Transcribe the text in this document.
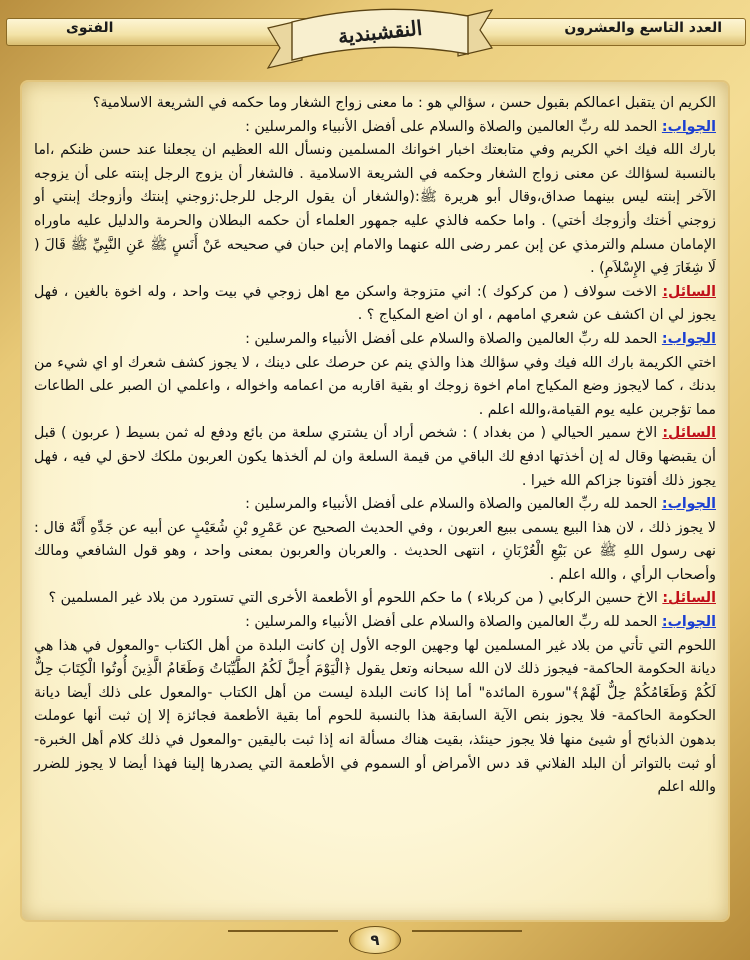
العدد التاسع والعشرون
الفتوى	النقشبندية

الكريم ان يتقبل اعمالكم بقبول حسن ، سؤالي هو : ما معنى زواج الشغار وما حكمه في الشريعة الاسلامية؟

الجواب: الحمد لله ربِّ العالمين والصلاة والسلام على أفضل الأنبياء والمرسلين :

بارك الله فيك اخي الكريم وفي متابعتك اخبار اخوانك المسلمين ونسأل الله العظيم ان يجعلنا عند حسن ظنكم ،اما بالنسبة لسؤالك عن معنى زواج الشغار وحكمه في الشريعة الاسلامية . فالشغار أن يزوج الرجل إبنته على أن يزوجه الآخر إبنته ليس بينهما صداق،وقال أبو هريرة ﷺ:(والشغار أن يقول الرجل للرجل:زوجني إبنتك وأزوجك إبنتي أو زوجني أختك وأزوجك أختي) . واما حكمه فالذي عليه جمهور العلماء أن حكمه البطلان والحرمة والدليل عليه ماوراه الإمامان مسلم والترمذي عن إبن عمر رضى الله عنهما والامام إبن حبان في صحيحه عَنْ أَنَسٍ ﷺ عَنِ النَّبِيِّ ﷺ قَالَ ( لَا شِغَارَ فِي الإِسْلاَمِ) .

السائل: الاخت سولاف ( من كركوك ): اني متزوجة واسكن مع اهل زوجي في بيت واحد ، وله اخوة بالغين ، فهل يجوز لي ان اكشف عن شعري امامهم ، او ان اضع المكياج ؟ .

الجواب: الحمد لله ربِّ العالمين والصلاة والسلام على أفضل الأنبياء والمرسلين :

اختي الكريمة بارك الله فيك وفي سؤالك هذا والذي ينم عن حرصك على دينك ، لا يجوز كشف شعرك او اي شيء من بدنك ، كما لايجوز وضع المكياج امام اخوة زوجك او بقية اقاربه من اعمامه واخواله ، واعلمي ان الصبر على الطاعات مما تؤجرين عليه يوم القيامة،والله اعلم .

السائل: الاخ سمير الحيالي ( من بغداد ) : شخص أراد أن يشتري سلعة من بائع ودفع له ثمن بسيط ( عربون ) قبل أن يقبضها وقال له إن أخذتها ادفع لك الباقي من قيمة السلعة وان لم ألخذها يكون العربون ملكك لاحق لي فيه ، فهل يجوز ذلك أفتونا جزاكم الله خيرا .

الجواب: الحمد لله ربِّ العالمين والصلاة والسلام على أفضل الأنبياء والمرسلين :

لا يجوز ذلك ، لان هذا البيع يسمى ببيع العربون ، وفي الحديث الصحيح عن عَمْرِو بْنِ شُعَيْبٍ عن أبيه عن جَدِّهِ أَنَّهُ قال : نهى رسول اللهِ ﷺ عن بَيْعِ الْعُرْبَانِ ، انتهى الحديث . والعربان والعربون بمعنى واحد ، وهو قول الشافعي ومالك وأصحاب الرأي ، والله اعلم .

السائل: الاخ حسين الركابي ( من كربلاء ) ما حكم اللحوم أو الأطعمة الأخرى التي تستورد من بلاد غير المسلمين ؟

الجواب: الحمد لله ربِّ العالمين والصلاة والسلام على أفضل الأنبياء والمرسلين :

اللحوم التي تأتي من بلاد غير المسلمين لها وجهين الوجه الأول إن كانت البلدة من أهل الكتاب -والمعول في هذا هي ديانة الحكومة الحاكمة- فيجوز ذلك لان الله سبحانه وتعل يقول ﴿الْيَوْمَ أُحِلَّ لَكُمُ الطَّيِّبَاتُ وَطَعَامُ الَّذِينَ أُوتُوا الْكِتَابَ حِلٌّ لَكُمْ وَطَعَامُكُمْ حِلٌّ لَهُمْ﴾"سورة المائدة" أما إذا كانت البلدة ليست من أهل الكتاب -والمعول على ذلك أيضا ديانة الحكومة الحاكمة- فلا يجوز بنص الآية السابقة هذا بالنسبة للحوم أما بقية الأطعمة فجائزة إلا إن ثبت أنها عوملت بدهون الذبائح أو شيئ منها فلا يجوز حينئذ، بقيت هناك مسألة انه إذا ثبت باليقين -والمعول في ذلك كلام أهل الخبرة- أو ثبت بالتواتر أن البلد الفلاني قد دس الأمراض أو السموم في الأطعمة التي يصدرها إلينا فهذا أيضا لا يجوز للضرر والله اعلم

٩
